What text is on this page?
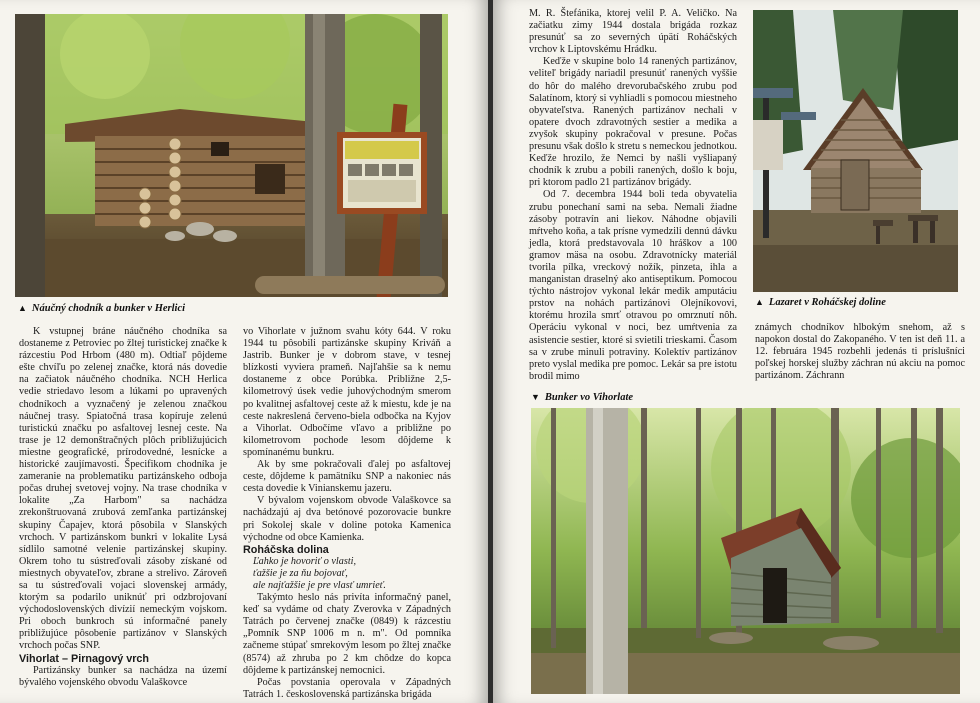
▲ Náučný chodník a bunker v Herlici

K vstupnej bráne náučného chodníka sa dostaneme z Petroviec po žltej turistickej značke k rázcestiu Pod Hrbom (480 m). Odtiaľ pôjdeme ešte chvíľu po zelenej značke, ktorá nás dovedie na začiatok náučného chodníka. NCH Herlica vedie striedavo lesom a lúkami po upravených chodníkoch a vyznačený je zelenou značkou náučnej trasy. Spiatočná trasa kopíruje zelenú turistickú značku po asfaltovej lesnej ceste. Na trase je 12 demonštračných plôch približujúcich miestne geografické, prírodovedné, lesnícke a historické zaujímavosti. Špecifikom chodníka je zameranie na problematiku partizánskeho odboja počas druhej svetovej vojny. Na trase chodníka v lokalite „Za Harbom" sa nachádza zrekonštruovaná zrubová zemľanka partizánskej skupiny Čapajev, ktorá pôsobila v Slanských vrchoch. V partizánskom bunkri v lokalite Lysá sídlilo samotné velenie partizánskej skupiny. Okrem toho tu sústreďovali zásoby získané od miestnych obyvateľov, zbrane a strelivo. Zároveň sa tu sústreďovali vojaci slovenskej armády, ktorým sa podarilo uniknúť pri odzbrojovaní východoslovenských divízií nemeckým vojskom. Pri oboch bunkroch sú informačné panely približujúce pôsobenie partizánov v Slanských vrchoch počas SNP.

Vihorlat – Pirnagový vrch

Partizánsky bunker sa nachádza na území bývalého vojenského obvodu Valaškovce

vo Vihorlate v južnom svahu kóty 644. V roku 1944 tu pôsobili partizánske skupiny Kriváň a Jastrib. Bunker je v dobrom stave, v tesnej blízkosti vyviera prameň. Najľahšie sa k nemu dostaneme z obce Porúbka. Približne 2,5-kilometrový úsek vedie juhovýchodným smerom po kvalitnej asfaltovej ceste až k miestu, kde je na ceste nakreslená červeno-biela odbočka na Kyjov a Vihorlat. Odbočíme vľavo a približne po kilometrovom pochode lesom dôjdeme k spomínanému bunkru.

Ak by sme pokračovali ďalej po asfaltovej ceste, dôjdeme k pamätníku SNP a nakoniec nás cesta dovedie k Vinianskemu jazeru.

V bývalom vojenskom obvode Valaškovce sa nachádzajú aj dva betónové pozorovacie bunkre pri Sokolej skale v doline potoka Kamenica východne od obce Kamienka.

Roháčska dolina

Ľahko je hovoriť o vlasti,

ťažšie je za ňu bojovať,

ale najťažšie je pre vlasť umrieť.

Takýmto heslo nás privíta informačný panel, keď sa vydáme od chaty Zverovka v Západných Tatrách po červenej značke (0849) k rázcestiu „Pomník SNP 1006 m n. m". Od pomníka začneme stúpať smrekovým lesom po žltej značke (8574) až zhruba po 2 km chôdze do kopca dôjdeme k partizánskej nemocnici.

Počas povstania operovala v Západných Tatrách 1. československá partizánska brigáda

M. R. Štefánika, ktorej velil P. A. Veličko. Na začiatku zimy 1944 dostala brigáda rozkaz presunúť sa zo severných úpätí Roháčských vrchov k Liptovskému Hrádku.

Keďže v skupine bolo 14 ranených partizánov, veliteľ brigády nariadil presunúť ranených vyššie do hôr do malého drevorubačského zrubu pod Salatínom, ktorý si vyhliadli s pomocou miestneho obyvateľstva. Ranených partizánov nechali v opatere dvoch zdravotných sestier a medika a zvyšok skupiny pokračoval v presune. Počas presunu však došlo k stretu s nemeckou jednotkou. Keďže hrozilo, že Nemci by našli vyšliapaný chodník k zrubu a pobili ranených, došlo k boju, pri ktorom padlo 21 partizánov brigády.

Od 7. decembra 1944 boli teda obyvatelia zrubu ponechaní sami na seba. Nemali žiadne zásoby potravín ani liekov. Náhodne objavili mŕtveho koňa, a tak prísne vymedzili dennú dávku jedla, ktorá predstavovala 10 hráškov a 100 gramov mäsa na osobu. Zdravotnícky materiál tvorila pílka, vreckový nožík, pinzeta, ihla a manganistan draselný ako antiseptikum. Pomocou týchto nástrojov vykonal lekár medik amputáciu prstov na nohách partizánovi Olejníkovovi, ktorému hrozila smrť otravou po omrznutí nôh. Operáciu vykonal v noci, bez umŕtvenia za asistencie sestier, ktoré si svietili trieskami. Časom sa v zrube minuli potraviny. Kolektív partizánov preto vyslal medika pre pomoc. Lekár sa pre istotu brodil mimo

▲ Lazaret v Roháčskej doline

známych chodníkov hlbokým snehom, až s napokon dostal do Zakopaného. V ten ist deň 11. a 12. februára 1945 rozbehli jedenás ti príslušníci poľskej horskej služby záchran nú akciu na pomoc partizánom. Záchrann

▼ Bunker vo Vihorlate
